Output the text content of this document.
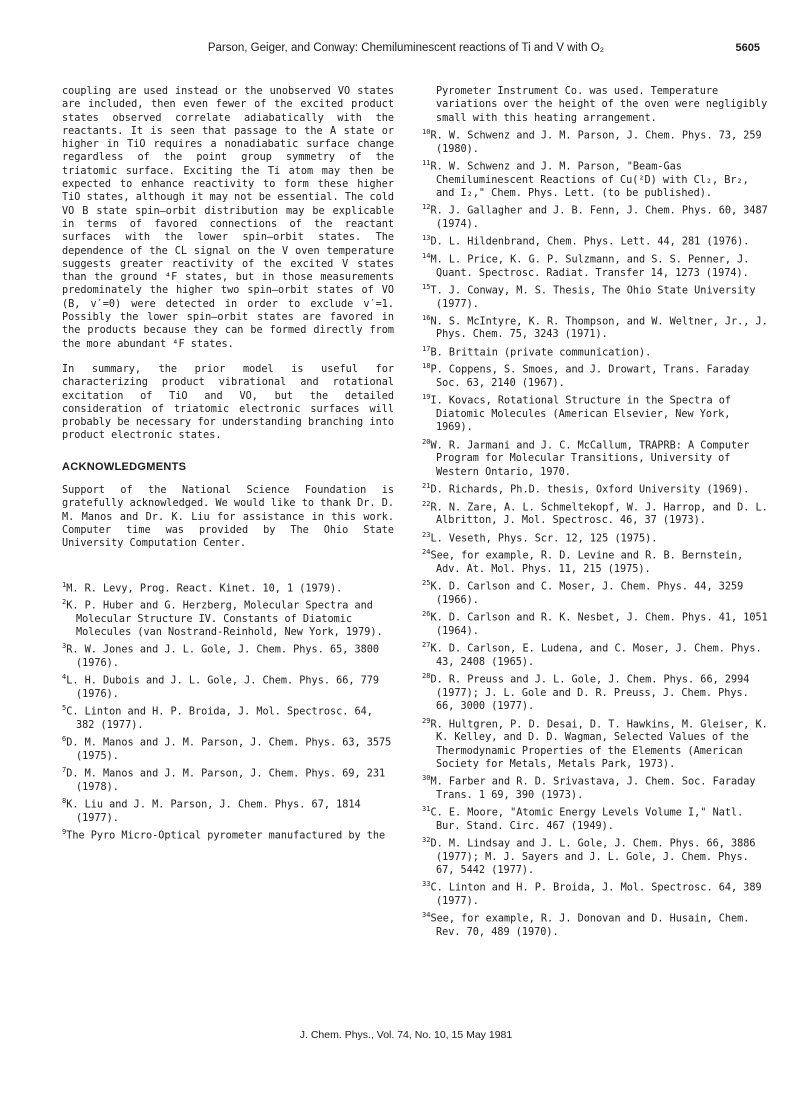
Parson, Geiger, and Conway: Chemiluminescent reactions of Ti and V with O₂	5605

coupling are used instead or the unobserved VO states are included, then even fewer of the excited product states observed correlate adiabatically with the reactants. It is seen that passage to the A state or higher in TiO requires a nonadiabatic surface change regardless of the point group symmetry of the triatomic surface. Exciting the Ti atom may then be expected to enhance reactivity to form these higher TiO states, although it may not be essential. The cold VO B state spin–orbit distribution may be explicable in terms of favored connections of the reactant surfaces with the lower spin–orbit states. The dependence of the CL signal on the V oven temperature suggests greater reactivity of the excited V states than the ground ⁴F states, but in those measurements predominately the higher two spin–orbit states of VO (B, v′=0) were detected in order to exclude v′=1. Possibly the lower spin–orbit states are favored in the products because they can be formed directly from the more abundant ⁴F states.

In summary, the prior model is useful for characterizing product vibrational and rotational excitation of TiO and VO, but the detailed consideration of triatomic electronic surfaces will probably be necessary for understanding branching into product electronic states.

ACKNOWLEDGMENTS

Support of the National Science Foundation is gratefully acknowledged. We would like to thank Dr. D. M. Manos and Dr. K. Liu for assistance in this work. Computer time was provided by The Ohio State University Computation Center.

$^1$M. R. Levy, Prog. React. Kinet. 10, 1 (1979).
$^2$K. P. Huber and G. Herzberg, Molecular Spectra and Molecular Structure IV. Constants of Diatomic Molecules (van Nostrand-Reinhold, New York, 1979).
$^3$R. W. Jones and J. L. Gole, J. Chem. Phys. 65, 3800 (1976).
$^4$L. H. Dubois and J. L. Gole, J. Chem. Phys. 66, 779 (1976).
$^5$C. Linton and H. P. Broida, J. Mol. Spectrosc. 64, 382 (1977).
$^6$D. M. Manos and J. M. Parson, J. Chem. Phys. 63, 3575 (1975).
$^7$D. M. Manos and J. M. Parson, J. Chem. Phys. 69, 231 (1978).
$^8$K. Liu and J. M. Parson, J. Chem. Phys. 67, 1814 (1977).
$^9$The Pyro Micro-Optical pyrometer manufactured by the
Pyrometer Instrument Co. was used. Temperature variations over the height of the oven were negligibly small with this heating arrangement.
$^{10}$R. W. Schwenz and J. M. Parson, J. Chem. Phys. 73, 259 (1980).
$^{11}$R. W. Schwenz and J. M. Parson, "Beam-Gas Chemiluminescent Reactions of Cu(²D) with Cl₂, Br₂, and I₂," Chem. Phys. Lett. (to be published).
$^{12}$R. J. Gallagher and J. B. Fenn, J. Chem. Phys. 60, 3487 (1974).
$^{13}$D. L. Hildenbrand, Chem. Phys. Lett. 44, 281 (1976).
$^{14}$M. L. Price, K. G. P. Sulzmann, and S. S. Penner, J. Quant. Spectrosc. Radiat. Transfer 14, 1273 (1974).
$^{15}$T. J. Conway, M. S. Thesis, The Ohio State University (1977).
$^{16}$N. S. McIntyre, K. R. Thompson, and W. Weltner, Jr., J. Phys. Chem. 75, 3243 (1971).
$^{17}$B. Brittain (private communication).
$^{18}$P. Coppens, S. Smoes, and J. Drowart, Trans. Faraday Soc. 63, 2140 (1967).
$^{19}$I. Kovacs, Rotational Structure in the Spectra of Diatomic Molecules (American Elsevier, New York, 1969).
$^{20}$W. R. Jarmani and J. C. McCallum, TRAPRB: A Computer Program for Molecular Transitions, University of Western Ontario, 1970.
$^{21}$D. Richards, Ph.D. thesis, Oxford University (1969).
$^{22}$R. N. Zare, A. L. Schmeltekopf, W. J. Harrop, and D. L. Albritton, J. Mol. Spectrosc. 46, 37 (1973).
$^{23}$L. Veseth, Phys. Scr. 12, 125 (1975).
$^{24}$See, for example, R. D. Levine and R. B. Bernstein, Adv. At. Mol. Phys. 11, 215 (1975).
$^{25}$K. D. Carlson and C. Moser, J. Chem. Phys. 44, 3259 (1966).
$^{26}$K. D. Carlson and R. K. Nesbet, J. Chem. Phys. 41, 1051 (1964).
$^{27}$K. D. Carlson, E. Ludena, and C. Moser, J. Chem. Phys. 43, 2408 (1965).
$^{28}$D. R. Preuss and J. L. Gole, J. Chem. Phys. 66, 2994 (1977); J. L. Gole and D. R. Preuss, J. Chem. Phys. 66, 3000 (1977).
$^{29}$R. Hultgren, P. D. Desai, D. T. Hawkins, M. Gleiser, K. K. Kelley, and D. D. Wagman, Selected Values of the Thermodynamic Properties of the Elements (American Society for Metals, Metals Park, 1973).
$^{30}$M. Farber and R. D. Srivastava, J. Chem. Soc. Faraday Trans. 1 69, 390 (1973).
$^{31}$C. E. Moore, "Atomic Energy Levels Volume I," Natl. Bur. Stand. Circ. 467 (1949).
$^{32}$D. M. Lindsay and J. L. Gole, J. Chem. Phys. 66, 3886 (1977); M. J. Sayers and J. L. Gole, J. Chem. Phys. 67, 5442 (1977).
$^{33}$C. Linton and H. P. Broida, J. Mol. Spectrosc. 64, 389 (1977).
$^{34}$See, for example, R. J. Donovan and D. Husain, Chem. Rev. 70, 489 (1970).
J. Chem. Phys., Vol. 74, No. 10, 15 May 1981
